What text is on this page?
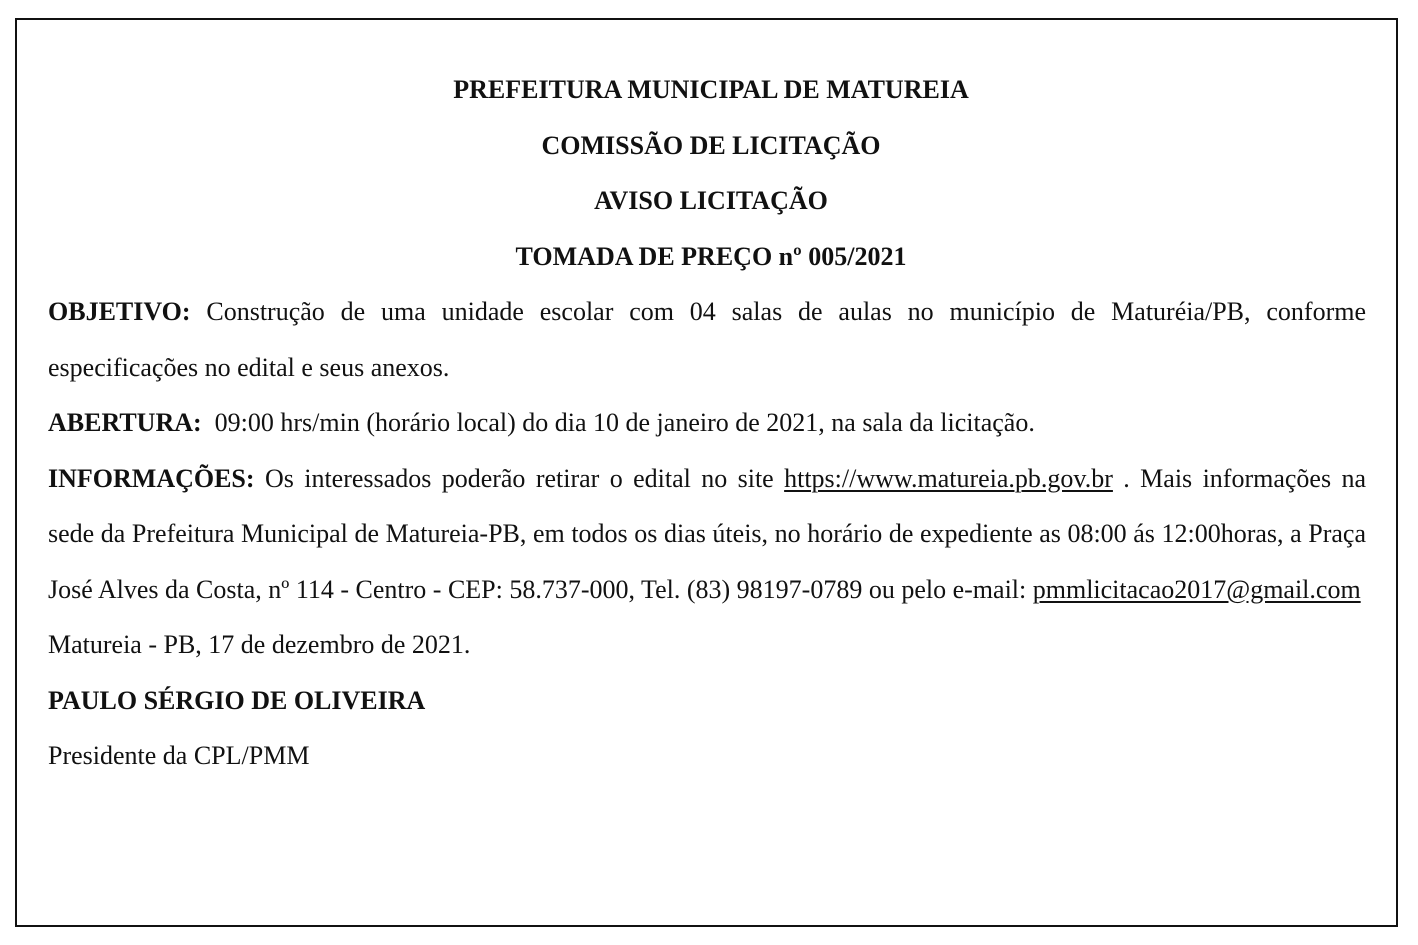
PREFEITURA MUNICIPAL DE MATUREIA

COMISSÃO DE LICITAÇÃO

AVISO LICITAÇÃO

TOMADA DE PREÇO nº 005/2021

OBJETIVO: Construção de uma unidade escolar com 04 salas de aulas no município de Maturéia/PB, conforme especificações no edital e seus anexos.

ABERTURA:  09:00 hrs/min (horário local) do dia 10 de janeiro de 2021, na sala da licitação.

INFORMAÇÕES: Os interessados poderão retirar o edital no site https://www.matureia.pb.gov.br . Mais informações na sede da Prefeitura Municipal de Matureia-PB, em todos os dias úteis, no horário de expediente as 08:00 ás 12:00horas, a Praça José Alves da Costa, nº 114 - Centro - CEP: 58.737-000, Tel. (83) 98197-0789 ou pelo e-mail: pmmlicitacao2017@gmail.com

Matureia - PB, 17 de dezembro de 2021.

PAULO SÉRGIO DE OLIVEIRA

Presidente da CPL/PMM
